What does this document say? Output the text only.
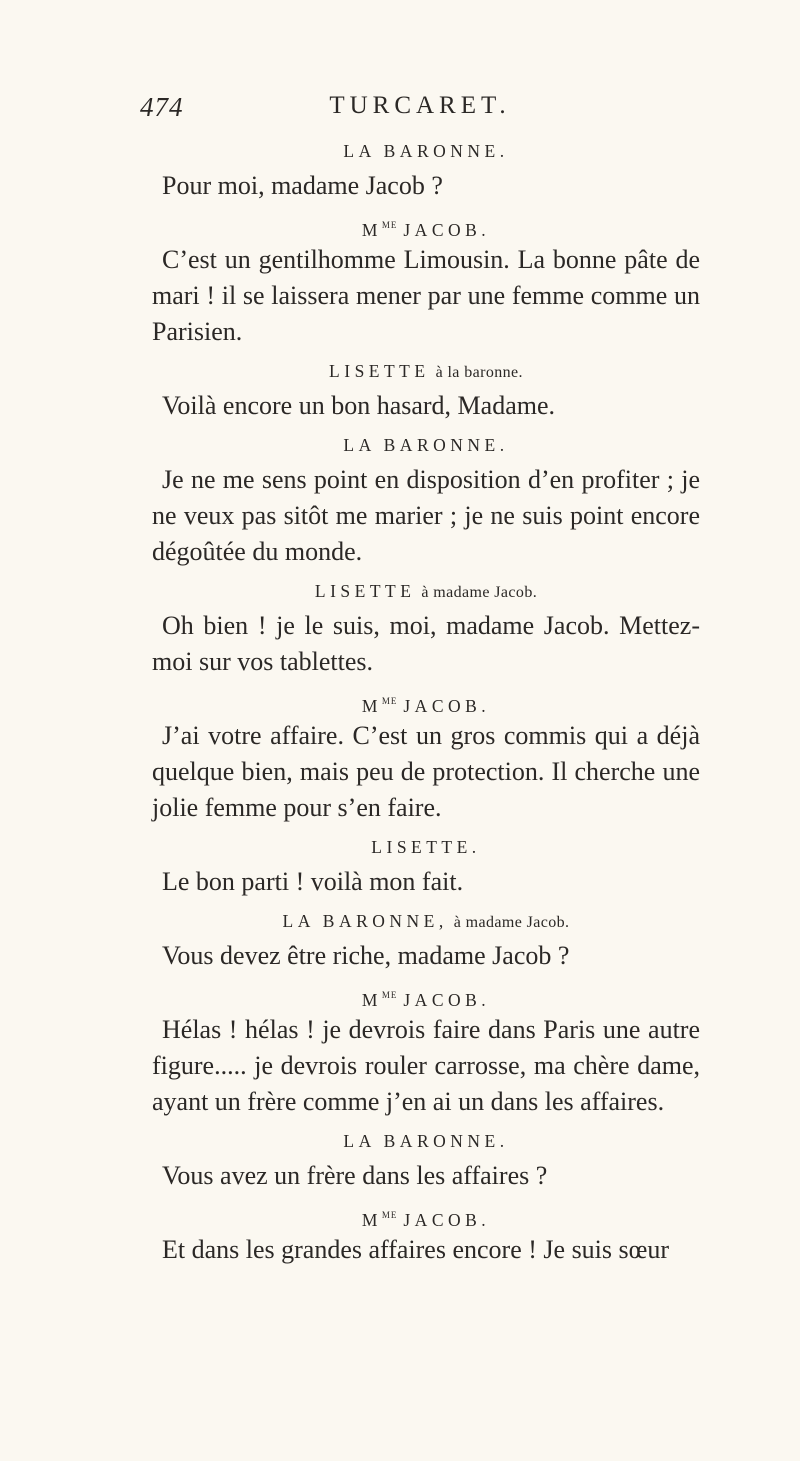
474	TURCARET.
LA BARONNE.

Pour moi, madame Jacob ?

$M^{ME}$ JACOB.

C’est un gentilhomme Limousin. La bonne pâte de mari ! il se laissera mener par une femme comme un Parisien.

LISETTE à la baronne.

Voilà encore un bon hasard, Madame.

LA BARONNE.

Je ne me sens point en disposition d’en profiter ; je ne veux pas sitôt me marier ; je ne suis point encore dégoûtée du monde.

LISETTE à madame Jacob.

Oh bien ! je le suis, moi, madame Jacob. Mettez-moi sur vos tablettes.

$M^{ME}$ JACOB.

J’ai votre affaire. C’est un gros commis qui a déjà quelque bien, mais peu de protection. Il cherche une jolie femme pour s’en faire.

LISETTE.

Le bon parti ! voilà mon fait.

LA BARONNE, à madame Jacob.

Vous devez être riche, madame Jacob ?

$M^{ME}$ JACOB.

Hélas ! hélas ! je devrois faire dans Paris une autre figure..... je devrois rouler carrosse, ma chère dame, ayant un frère comme j’en ai un dans les affaires.

LA BARONNE.

Vous avez un frère dans les affaires ?

$M^{ME}$ JACOB.

Et dans les grandes affaires encore ! Je suis sœur
